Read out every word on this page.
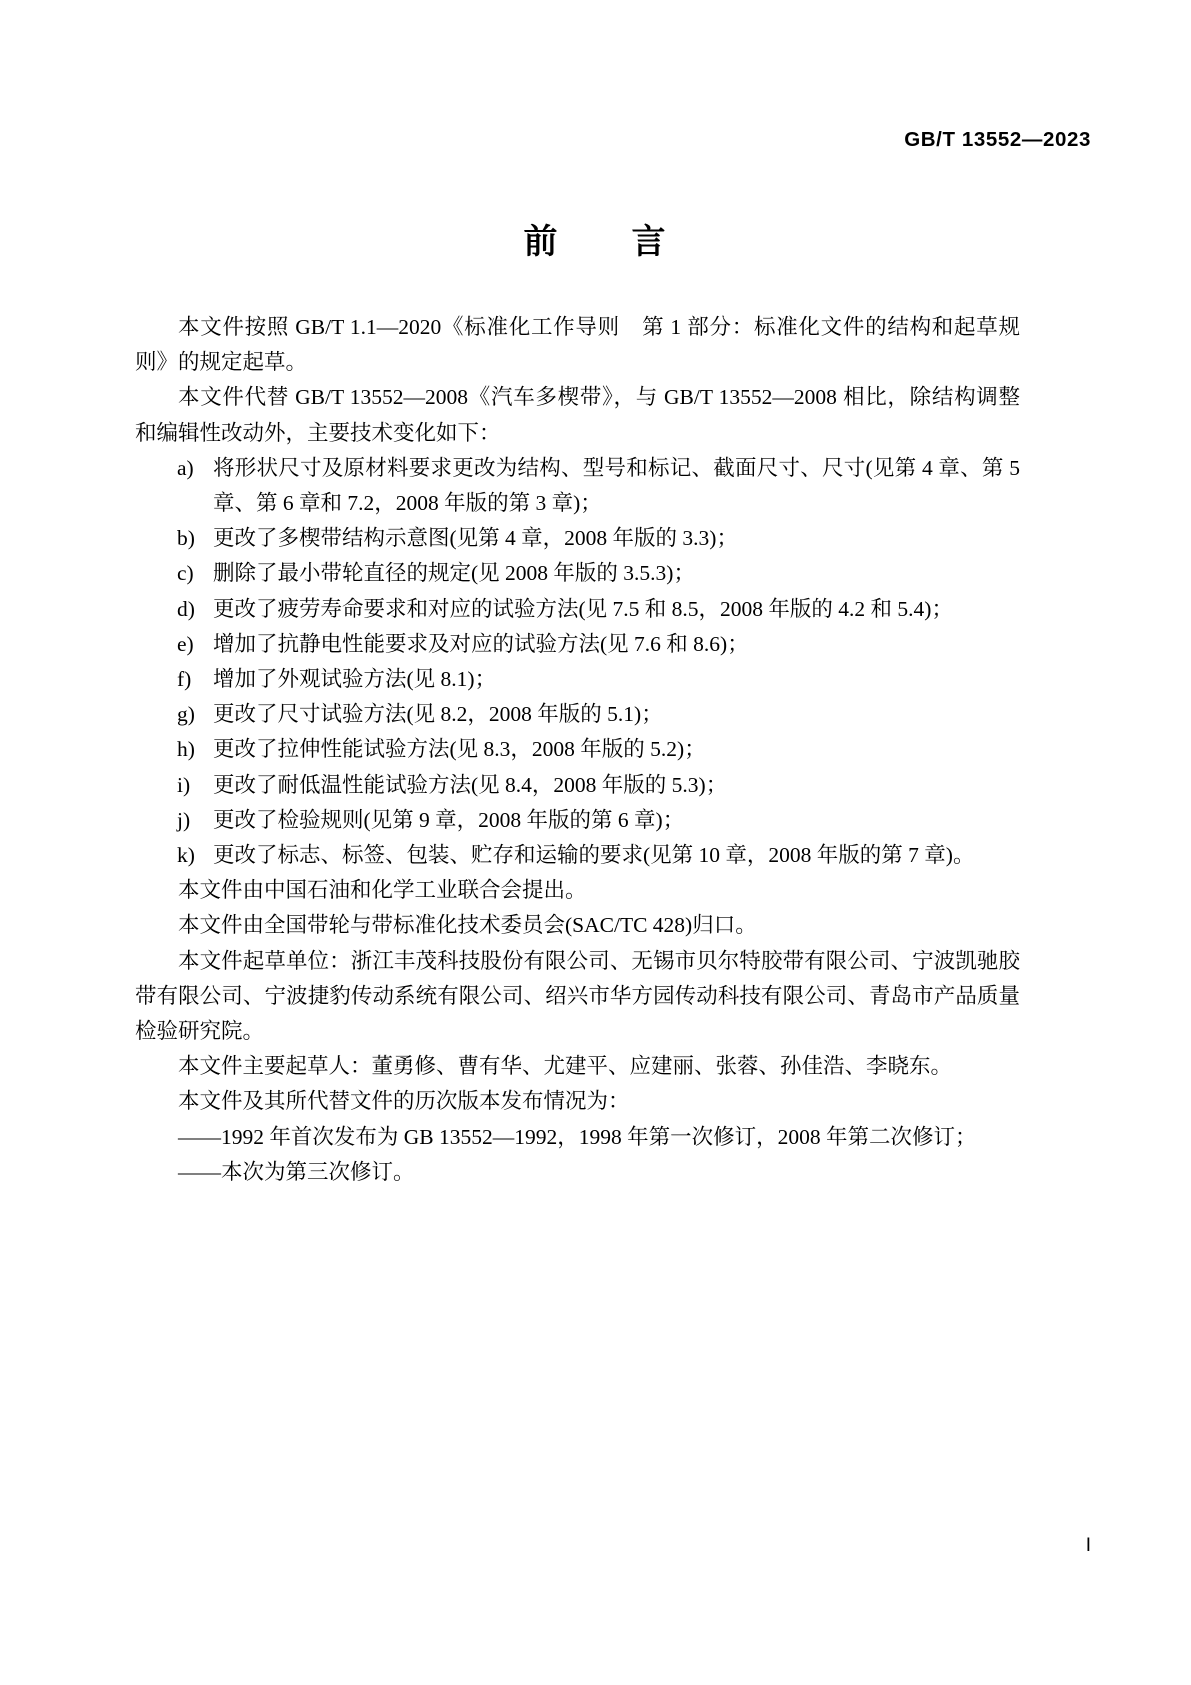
GB/T 13552—2023
前　　言

本文件按照 GB/T 1.1—2020《标准化工作导则　第 1 部分：标准化文件的结构和起草规则》的规定起草。

本文件代替 GB/T 13552—2008《汽车多楔带》，与 GB/T 13552—2008 相比，除结构调整和编辑性改动外，主要技术变化如下：

a) 将形状尺寸及原材料要求更改为结构、型号和标记、截面尺寸、尺寸(见第 4 章、第 5 章、第 6 章和 7.2，2008 年版的第 3 章)；
b) 更改了多楔带结构示意图(见第 4 章，2008 年版的 3.3)；
c) 删除了最小带轮直径的规定(见 2008 年版的 3.5.3)；
d) 更改了疲劳寿命要求和对应的试验方法(见 7.5 和 8.5，2008 年版的 4.2 和 5.4)；
e) 增加了抗静电性能要求及对应的试验方法(见 7.6 和 8.6)；
f)	增加了外观试验方法(见 8.1)；
g) 更改了尺寸试验方法(见 8.2，2008 年版的 5.1)；
h) 更改了拉伸性能试验方法(见 8.3，2008 年版的 5.2)；
i)	更改了耐低温性能试验方法(见 8.4，2008 年版的 5.3)；
j)	更改了检验规则(见第 9 章，2008 年版的第 6 章)；
k) 更改了标志、标签、包装、贮存和运输的要求(见第 10 章，2008 年版的第 7 章)。

本文件由中国石油和化学工业联合会提出。

本文件由全国带轮与带标准化技术委员会(SAC/TC 428)归口。

本文件起草单位：浙江丰茂科技股份有限公司、无锡市贝尔特胶带有限公司、宁波凯驰胶带有限公司、宁波捷豹传动系统有限公司、绍兴市华方园传动科技有限公司、青岛市产品质量检验研究院。

本文件主要起草人：董勇修、曹有华、尤建平、应建丽、张蓉、孙佳浩、李晓东。

本文件及其所代替文件的历次版本发布情况为：

——1992 年首次发布为 GB 13552—1992，1998 年第一次修订，2008 年第二次修订；

——本次为第三次修订。

I
